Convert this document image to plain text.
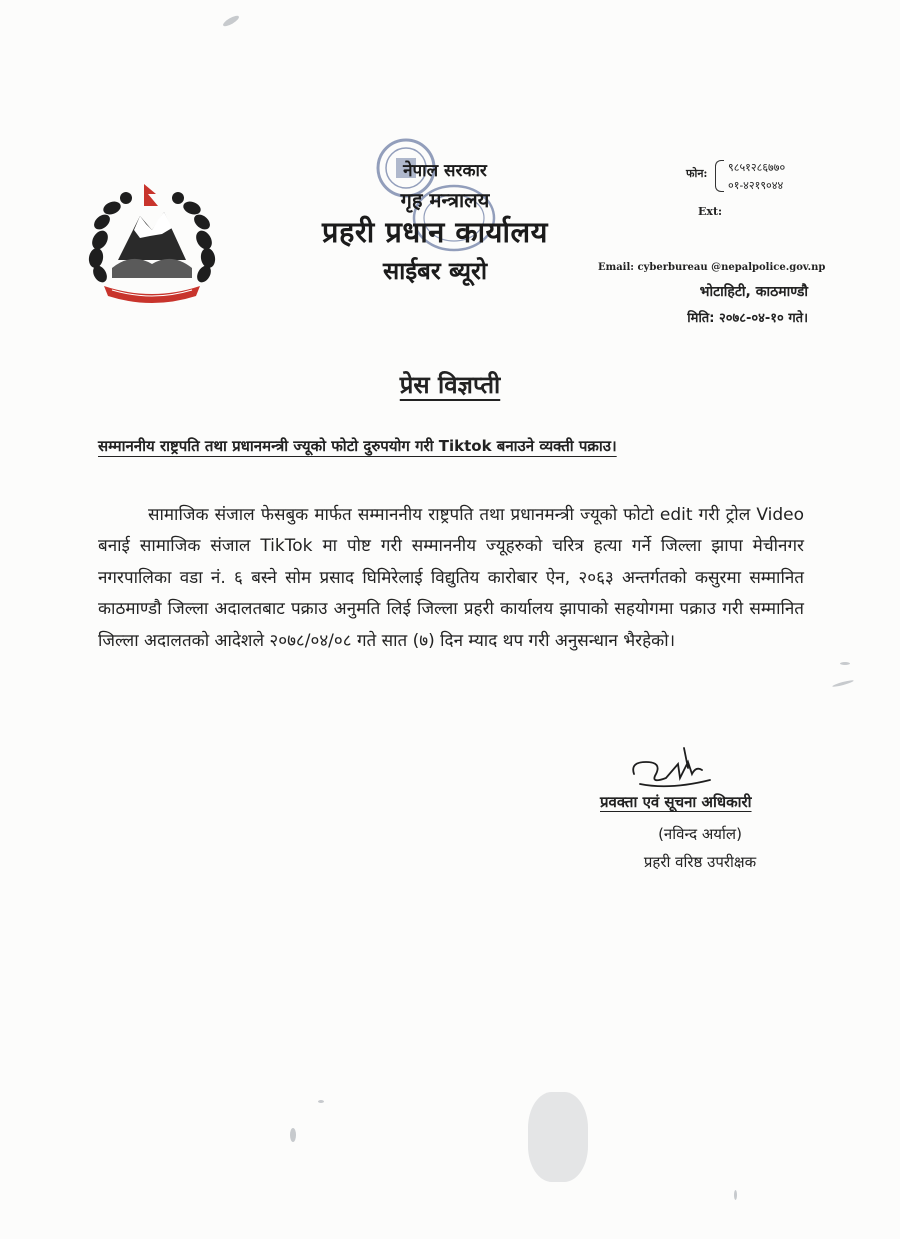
नेपाल सरकार
गृह मन्त्रालय
प्रहरी प्रधान कार्यालय
साईबर ब्यूरो
फोन: ९८५१२८६७७०
०१-४२१९०४४
Ext:
Email: cyberbureau @nepalpolice.gov.np
भोटाहिटी, काठमाण्डौ
मिति: २०७८-०४-१० गते।
प्रेस विज्ञप्ती
सम्माननीय राष्ट्रपति तथा प्रधानमन्त्री ज्यूको फोटो दुरुपयोग गरी Tiktok बनाउने व्यक्ती पक्राउ।

सामाजिक संजाल फेसबुक मार्फत सम्माननीय राष्ट्रपति तथा प्रधानमन्त्री ज्यूको फोटो edit गरी ट्रोल Video बनाई सामाजिक संजाल TikTok मा पोष्ट गरी सम्माननीय ज्यूहरुको चरित्र हत्या गर्ने जिल्ला झापा मेचीनगर नगरपालिका वडा नं. ६ बस्ने सोम प्रसाद घिमिरेलाई विद्युतिय कारोबार ऐन, २०६३ अन्तर्गतको कसुरमा सम्मानित काठमाण्डौ जिल्ला अदालतबाट पक्राउ अनुमति लिई जिल्ला प्रहरी कार्यालय झापाको सहयोगमा पक्राउ गरी सम्मानित जिल्ला अदालतको आदेशले २०७८/०४/०८ गते सात (७) दिन म्याद थप गरी अनुसन्धान भैरहेको।

प्रवक्ता एवं सूचना अधिकारी
(नविन्द अर्याल)
प्रहरी वरिष्ठ उपरीक्षक
